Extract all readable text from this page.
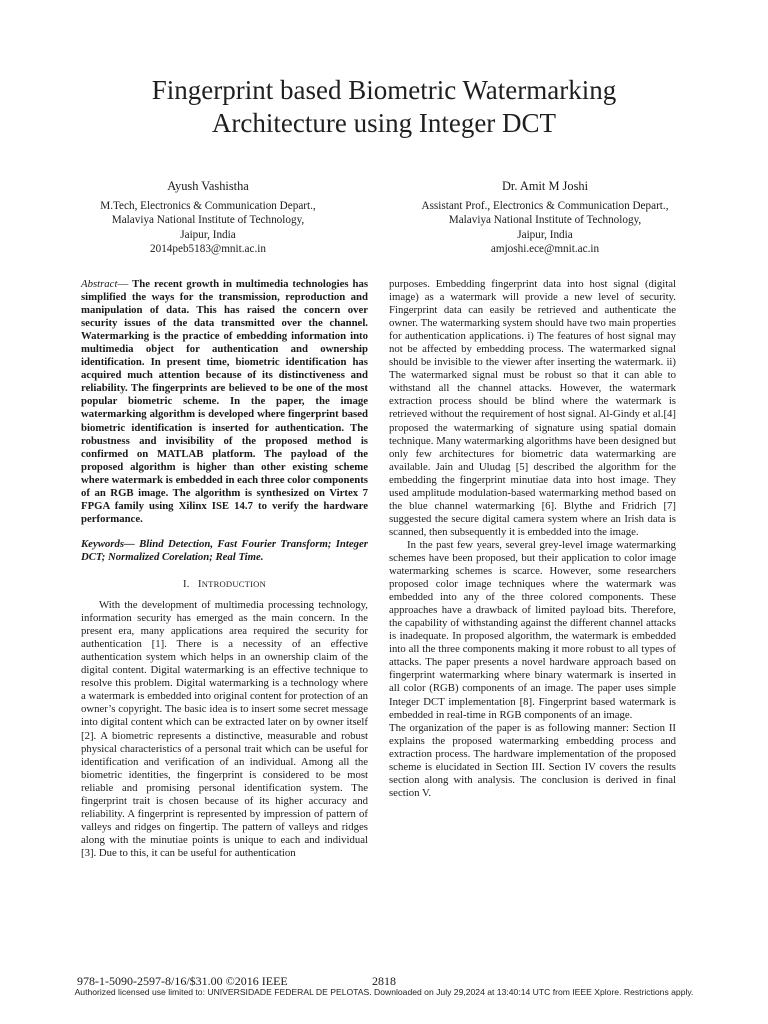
Fingerprint based Biometric Watermarking
Architecture using Integer DCT
Ayush Vashistha
M.Tech, Electronics & Communication Depart.,
Malaviya National Institute of Technology,
Jaipur, India
2014peb5183@mnit.ac.in
Dr. Amit M Joshi
Assistant Prof., Electronics & Communication Depart.,
Malaviya National Institute of Technology,
Jaipur, India
amjoshi.ece@mnit.ac.in

Abstract— The recent growth in multimedia technologies has simplified the ways for the transmission, reproduction and manipulation of data. This has raised the concern over security issues of the data transmitted over the channel. Watermarking is the practice of embedding information into multimedia object for authentication and ownership identification. In present time, biometric identification has acquired much attention because of its distinctiveness and reliability. The fingerprints are believed to be one of the most popular biometric scheme. In the paper, the image watermarking algorithm is developed where fingerprint based biometric identification is inserted for authentication. The robustness and invisibility of the proposed method is confirmed on MATLAB platform. The payload of the proposed algorithm is higher than other existing scheme where watermark is embedded in each three color components of an RGB image. The algorithm is synthesized on Virtex 7 FPGA family using Xilinx ISE 14.7 to verify the hardware performance.

Keywords— Blind Detection, Fast Fourier Transform; Integer DCT; Normalized Corelation; Real Time.

I. INTRODUCTION

With the development of multimedia processing technology, information security has emerged as the main concern. In the present era, many applications area required the security for authentication [1]. There is a necessity of an effective authentication system which helps in an ownership claim of the digital content. Digital watermarking is an effective technique to resolve this problem. Digital watermarking is a technology where a watermark is embedded into original content for protection of an owner’s copyright. The basic idea is to insert some secret message into digital content which can be extracted later on by owner itself [2]. A biometric represents a distinctive, measurable and robust physical characteristics of a personal trait which can be useful for identification and verification of an individual. Among all the biometric identities, the fingerprint is considered to be most reliable and promising personal identification system. The fingerprint trait is chosen because of its higher accuracy and reliability. A fingerprint is represented by impression of pattern of valleys and ridges on fingertip. The pattern of valleys and ridges along with the minutiae points is unique to each and individual [3]. Due to this, it can be useful for authentication

purposes. Embedding fingerprint data into host signal (digital image) as a watermark will provide a new level of security. Fingerprint data can easily be retrieved and authenticate the owner. The watermarking system should have two main properties for authentication applications. i) The features of host signal may not be affected by embedding process. The watermarked signal should be invisible to the viewer after inserting the watermark. ii) The watermarked signal must be robust so that it can able to withstand all the channel attacks. However, the watermark extraction process should be blind where the watermark is retrieved without the requirement of host signal. Al-Gindy et al.[4] proposed the watermarking of signature using spatial domain technique. Many watermarking algorithms have been designed but only few architectures for biometric data watermarking are available. Jain and Uludag [5] described the algorithm for the embedding the fingerprint minutiae data into host image. They used amplitude modulation-based watermarking method based on the blue channel watermarking [6]. Blythe and Fridrich [7] suggested the secure digital camera system where an Irish data is scanned, then subsequently it is embedded into the image.

In the past few years, several grey-level image watermarking schemes have been proposed, but their application to color image watermarking schemes is scarce. However, some researchers proposed color image techniques where the watermark was embedded into any of the three colored components. These approaches have a drawback of limited payload bits. Therefore, the capability of withstanding against the different channel attacks is inadequate. In proposed algorithm, the watermark is embedded into all the three components making it more robust to all types of attacks. The paper presents a novel hardware approach based on fingerprint watermarking where binary watermark is inserted in all color (RGB) components of an image. The paper uses simple Integer DCT implementation [8]. Fingerprint based watermark is embedded in real-time in RGB components of an image.

The organization of the paper is as following manner: Section II explains the proposed watermarking embedding process and extraction process. The hardware implementation of the proposed scheme is elucidated in Section III. Section IV covers the results section along with analysis. The conclusion is derived in final section V.

978-1-5090-2597-8/16/$31.00 ©2016 IEEE	2818
Authorized licensed use limited to: UNIVERSIDADE FEDERAL DE PELOTAS. Downloaded on July 29,2024 at 13:40:14 UTC from IEEE Xplore. Restrictions apply.
